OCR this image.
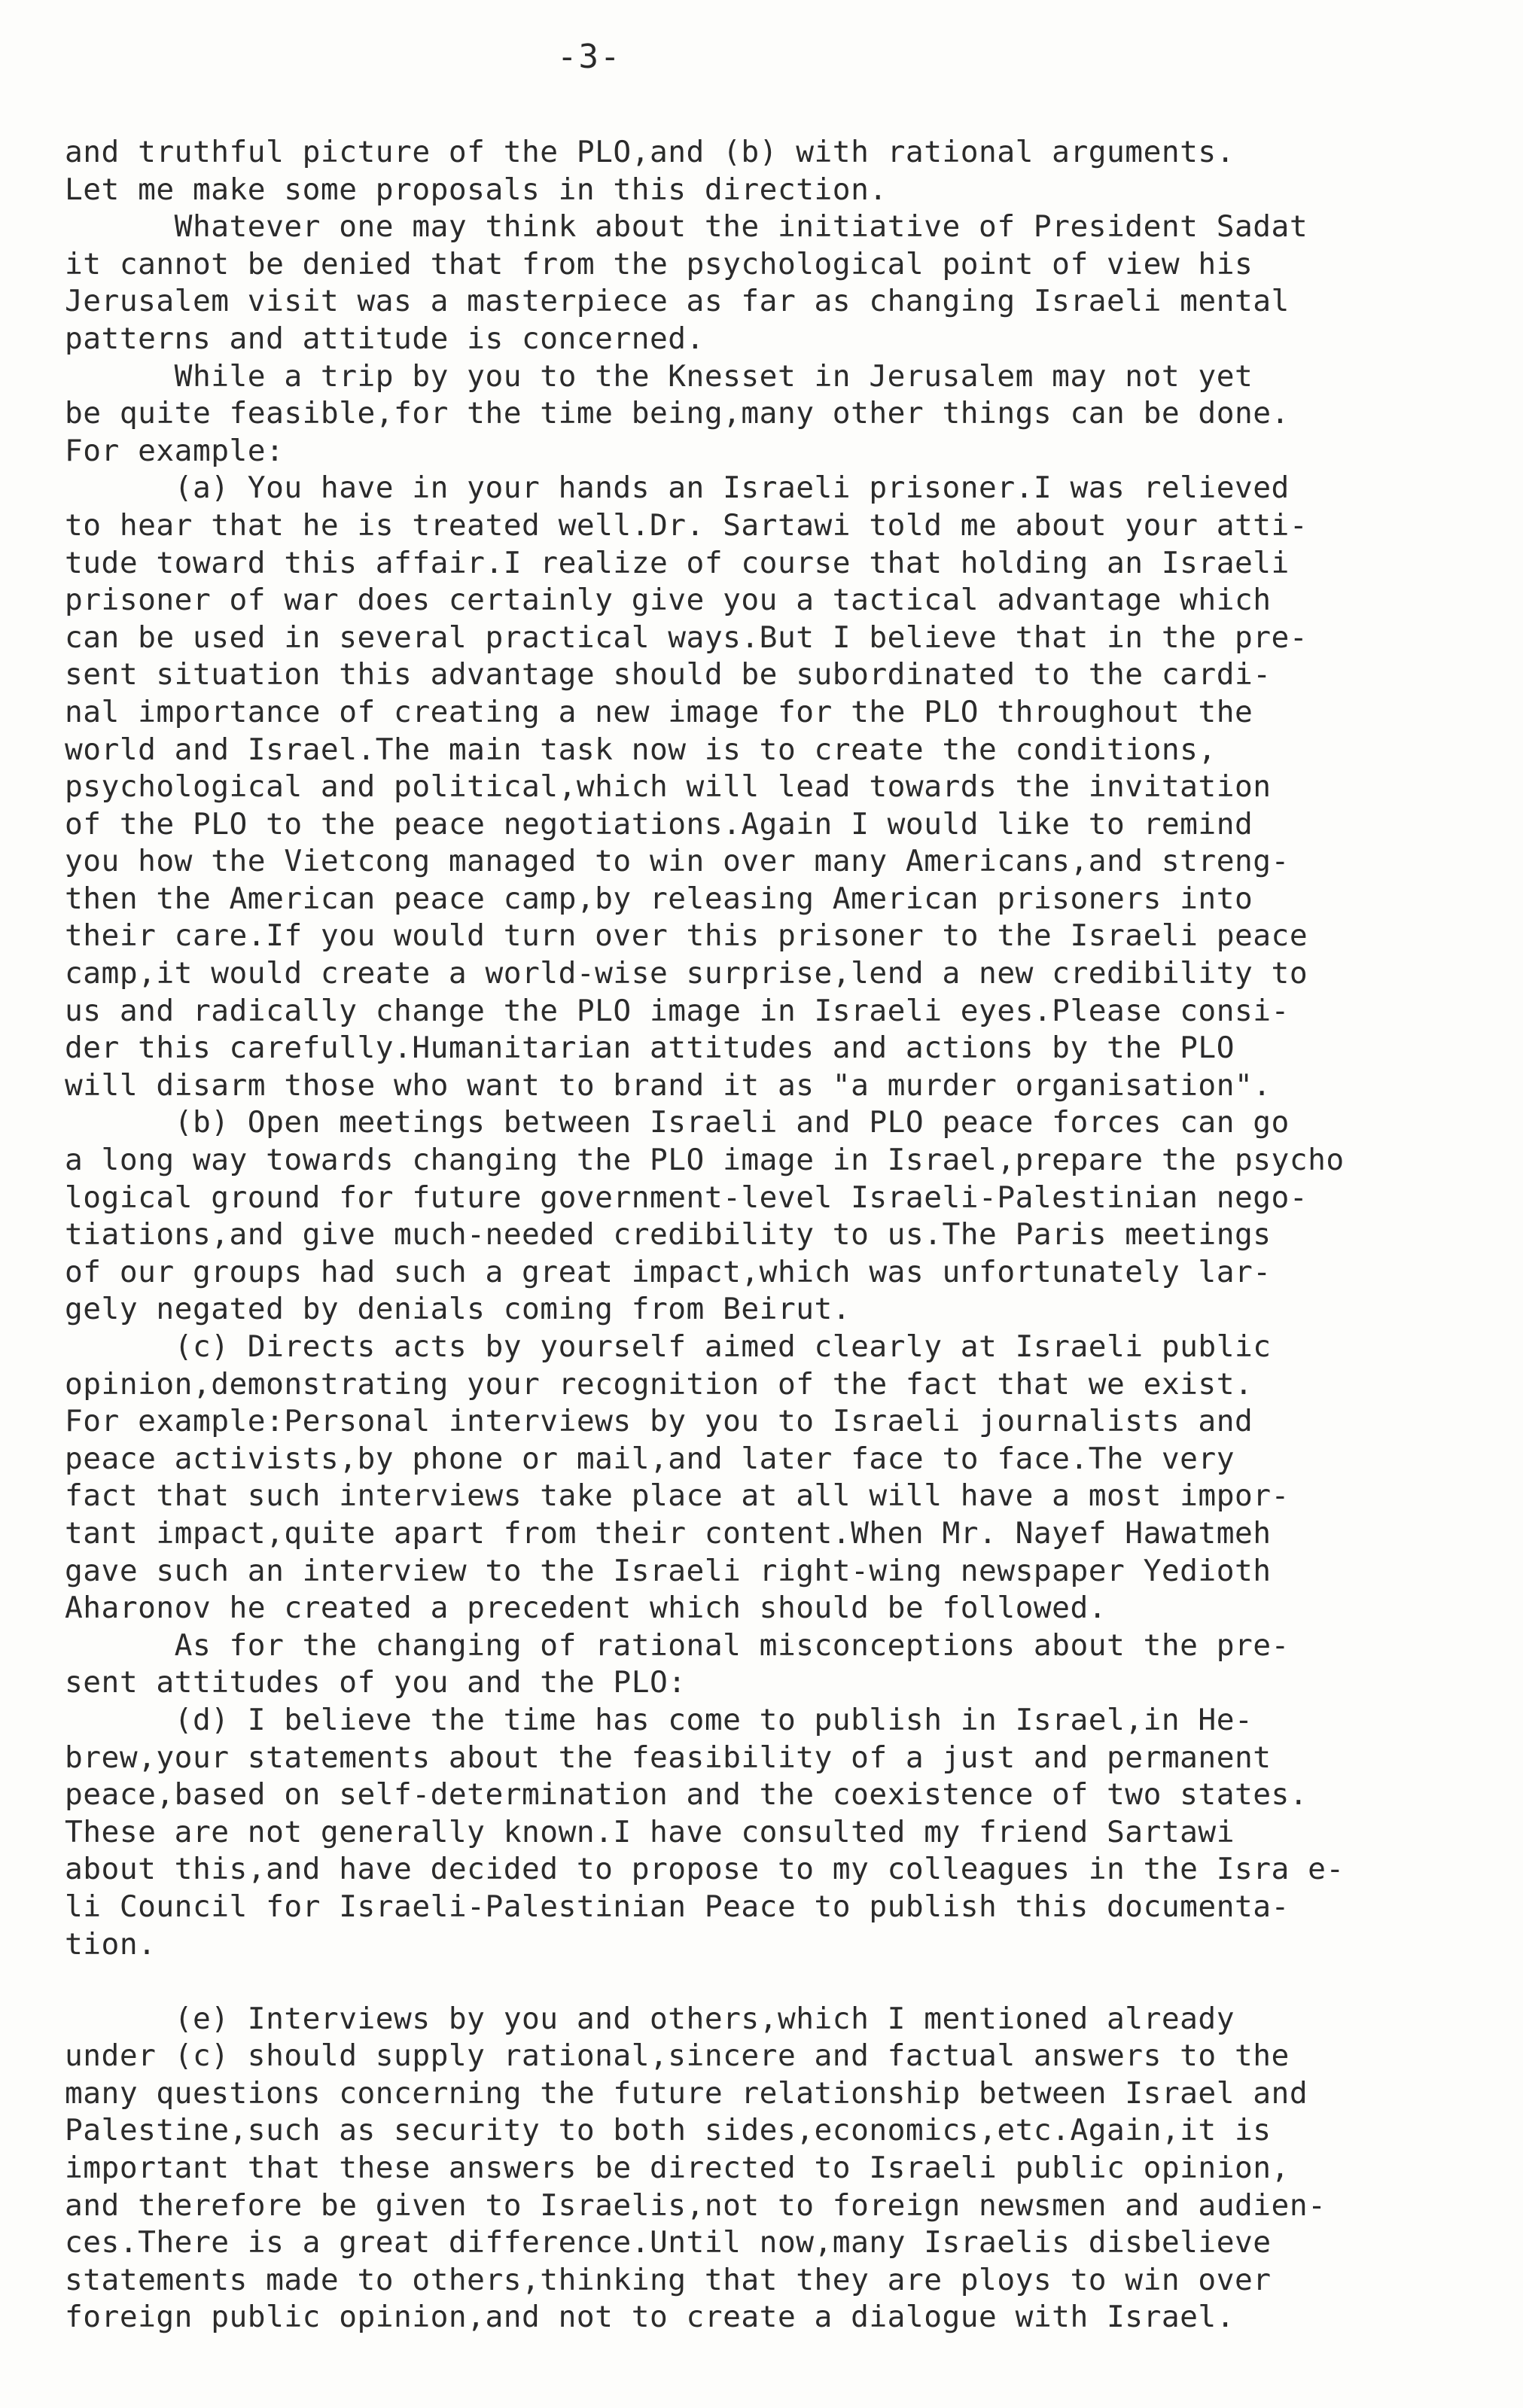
-3-

and truthful picture of the PLO,and (b) with rational arguments.
Let me make some proposals in this direction.
Whatever one may think about the initiative of President Sadat
it cannot be denied that from the psychological point of view his
Jerusalem visit was a masterpiece as far as changing Israeli mental
patterns and attitude is concerned.
While a trip by you to the Knesset in Jerusalem may not yet
be quite feasible,for the time being,many other things can be done.
For example:
(a) You have in your hands an Israeli prisoner.I was relieved
to hear that he is treated well.Dr. Sartawi told me about your atti-
tude toward this affair.I realize of course that holding an Israeli
prisoner of war does certainly give you a tactical advantage which
can be used in several practical ways.But I believe that in the pre-
sent situation this advantage should be subordinated to the cardi-
nal importance of creating a new image for the PLO throughout the
world and Israel.The main task now is to create the conditions,
psychological and political,which will lead towards the invitation
of the PLO to the peace negotiations.Again I would like to remind
you how the Vietcong managed to win over many Americans,and streng-
then the American peace camp,by releasing American prisoners into
their care.If you would turn over this prisoner to the Israeli peace
camp,it would create a world-wise surprise,lend a new credibility to
us and radically change the PLO image in Israeli eyes.Please consi-
der this carefully.Humanitarian attitudes and actions by the PLO
will disarm those who want to brand it as "a murder organisation".
(b) Open meetings between Israeli and PLO peace forces can go
a long way towards changing the PLO image in Israel,prepare the psycho
logical ground for future government-level Israeli-Palestinian nego-
tiations,and give much-needed credibility to us.The Paris meetings
of our groups had such a great impact,which was unfortunately lar-
gely negated by denials coming from Beirut.
(c) Directs acts by yourself aimed clearly at Israeli public
opinion,demonstrating your recognition of the fact that we exist.
For example:Personal interviews by you to Israeli journalists and
peace activists,by phone or mail,and later face to face.The very
fact that such interviews take place at all will have a most impor-
tant impact,quite apart from their content.When Mr. Nayef Hawatmeh
gave such an interview to the Israeli right-wing newspaper Yedioth
Aharonov he created a precedent which should be followed.
As for the changing of rational misconceptions about the pre-
sent attitudes of you and the PLO:
(d) I believe the time has come to publish in Israel,in He-
brew,your statements about the feasibility of a just and permanent
peace,based on self-determination and the coexistence of two states.
These are not generally known.I have consulted my friend Sartawi
about this,and have decided to propose to my colleagues in the Isra e-
li Council for Israeli-Palestinian Peace to publish this documenta-
tion.
(e) Interviews by you and others,which I mentioned already
under (c) should supply rational,sincere and factual answers to the
many questions concerning the future relationship between Israel and
Palestine,such as security to both sides,economics,etc.Again,it is
important that these answers be directed to Israeli public opinion,
and therefore be given to Israelis,not to foreign newsmen and audien-
ces.There is a great difference.Until now,many Israelis disbelieve
statements made to others,thinking that they are ploys to win over
foreign public opinion,and not to create a dialogue with Israel.
